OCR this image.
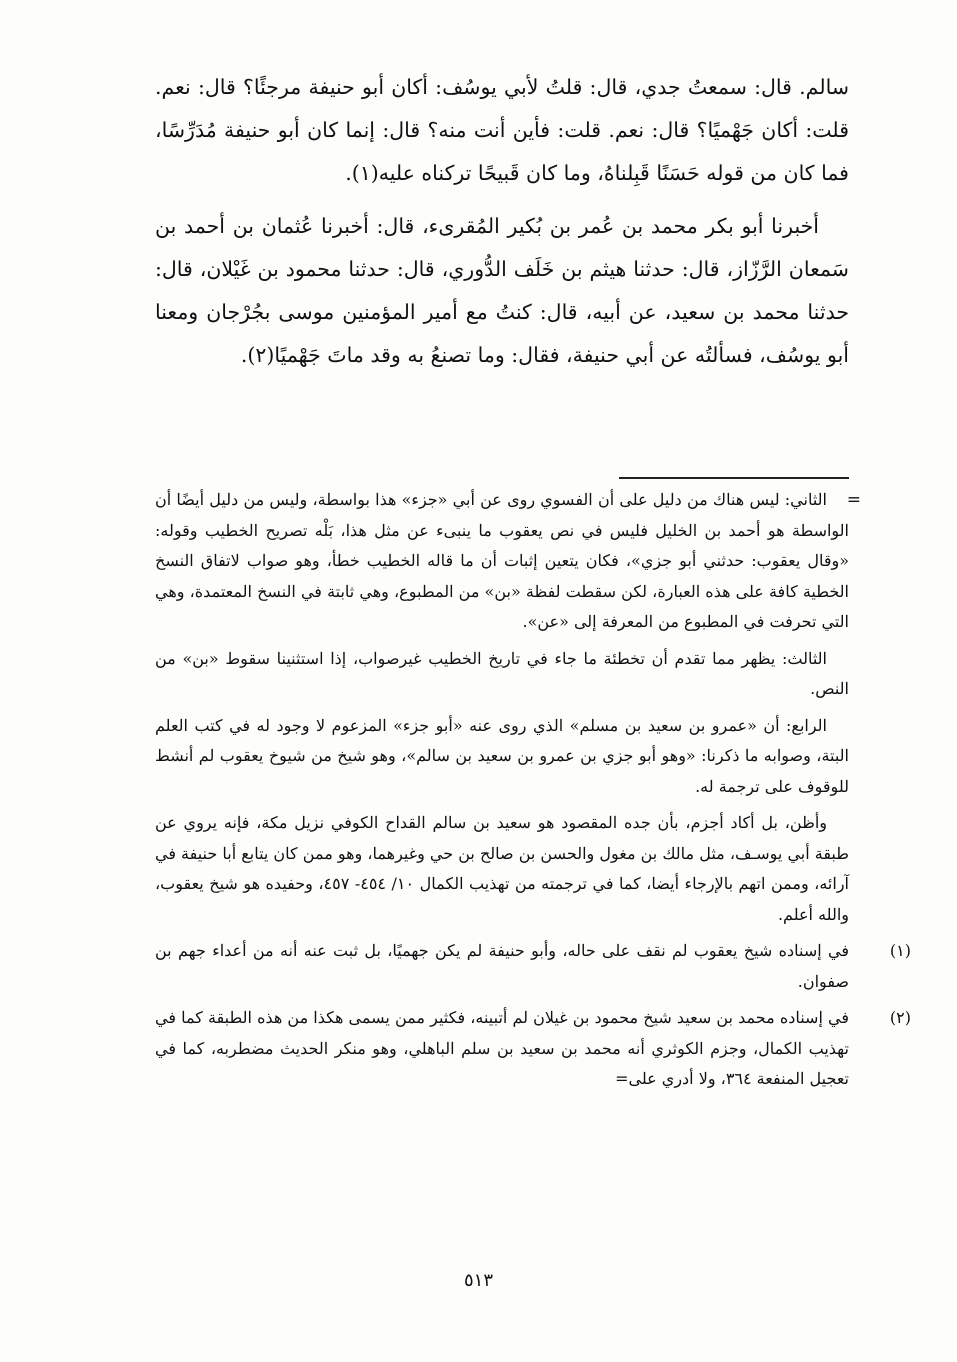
سالم. قال: سمعتُ جدي، قال: قلتُ لأبي يوسُف: أكان أبو حنيفة مرجئًا؟ قال: نعم. قلت: أكان جَهْميًا؟ قال: نعم. قلت: فأين أنت منه؟ قال: إنما كان أبو حنيفة مُدَرِّسًا، فما كان من قوله حَسَنًا قَبِلناهُ، وما كان قَبيحًا تركناه عليه(١).

أخبرنا أبو بكر محمد بن عُمر بن بُكير المُقرىء، قال: أخبرنا عُثمان بن أحمد بن سَمعان الرَّزّاز، قال: حدثنا هيثم بن خَلَف الدُّوري، قال: حدثنا محمود بن غَيْلان، قال: حدثنا محمد بن سعيد، عن أبيه، قال: كنتُ مع أمير المؤمنين موسى بجُرْجان ومعنا أبو يوسُف، فسألتُه عن أبي حنيفة، فقال: وما تصنعُ به وقد ماتَ جَهْميًا(٢).

=

الثاني: ليس هناك من دليل على أن الفسوي روى عن أبي «جزء» هذا بواسطة، وليس من دليل أيضًا أن الواسطة هو أحمد بن الخليل فليس في نص يعقوب ما ينبىء عن مثل هذا، بَلْه تصريح الخطيب وقوله: «وقال يعقوب: حدثني أبو جزي»، فكان يتعين إثبات أن ما قاله الخطيب خطأ، وهو صواب لاتفاق النسخ الخطية كافة على هذه العبارة، لكن سقطت لفظة «بن» من المطبوع، وهي ثابتة في النسخ المعتمدة، وهي التي تحرفت في المطبوع من المعرفة إلى «عن».

الثالث: يظهر مما تقدم أن تخطئة ما جاء في تاريخ الخطيب غيرصواب، إذا استثنينا سقوط «بن» من النص.

الرابع: أن «عمرو بن سعيد بن مسلم» الذي روى عنه «أبو جزء» المزعوم لا وجود له في كتب العلم البتة، وصوابه ما ذكرنا: «وهو أبو جزي بن عمرو بن سعيد بن سالم»، وهو شيخ من شيوخ يعقوب لم أنشط للوقوف على ترجمة له.

وأظن، بل أكاد أجزم، بأن جده المقصود هو سعيد بن سالم القداح الكوفي نزيل مكة، فإنه يروي عن طبقة أبي يوسـف، مثل مالك بن مغول والحسن بن صالح بن حي وغيرهما، وهو ممن كان يتابع أبا حنيفة في آرائه، وممن اتهم بالإرجاء أيضا، كما في ترجمته من تهذيب الكمال ١٠/ ٤٥٤- ٤٥٧، وحفيده هو شيخ يعقوب، والله أعلم.

(١)

في إسناده شيخ يعقوب لم نقف على حاله، وأبو حنيفة لم يكن جهميًا، بل ثبت عنه أنه من أعداء جهم بن صفوان.

(٢)

في إسناده محمد بن سعيد شيخ محمود بن غيلان لم أتبينه، فكثير ممن يسمى هكذا من هذه الطبقة كما في تهذيب الكمال، وجزم الكوثري أنه محمد بن سعيد بن سلم الباهلي، وهو منكر الحديث مضطربه، كما في تعجيل المنفعة ٣٦٤، ولا أدري على=

٥١٣
